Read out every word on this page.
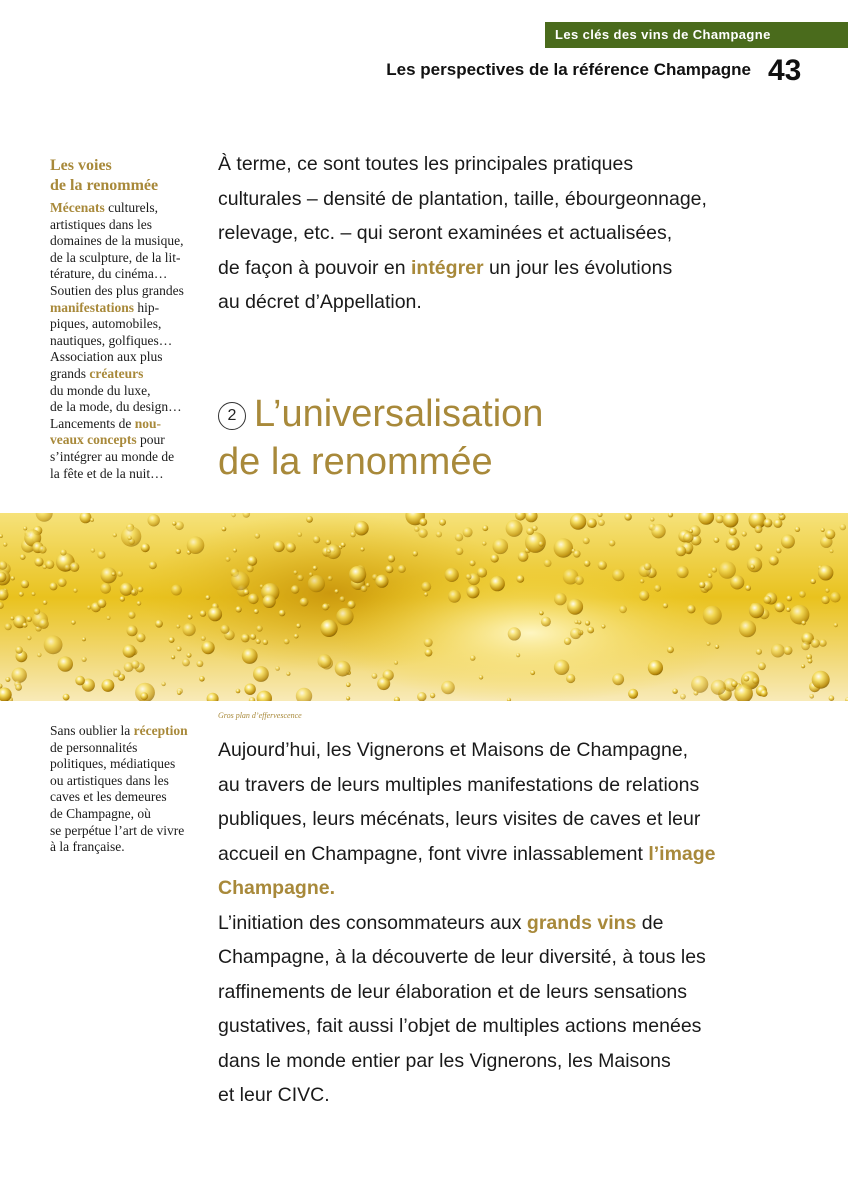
Les clés des vins de Champagne
Les perspectives de la référence Champagne 43
Les voies
de la renommée
Mécenats culturels,
artistiques dans les
domaines de la musique,
de la sculpture, de la lit-
térature, du cinéma…
Soutien des plus grandes
manifestations hip-
piques, automobiles,
nautiques, golfiques…
Association aux plus
grands créateurs
du monde du luxe,
de la mode, du design…
Lancements de nou-
veaux concepts pour
s’intégrer au monde de
la fête et de la nuit…
À terme, ce sont toutes les principales pratiques
culturales – densité de plantation, taille, ébourgeonnage,
relevage, etc. – qui seront examinées et actualisées,
de façon à pouvoir en intégrer un jour les évolutions
au décret d’Appellation.
2 L’universalisation
de la renommée
Gros plan d’effervescence
Sans oublier la réception
de personnalités
politiques, médiatiques
ou artistiques dans les
caves et les demeures
de Champagne, où
se perpétue l’art de vivre
à la française.
Aujourd’hui, les Vignerons et Maisons de Champagne,
au travers de leurs multiples manifestations de relations
publiques, leurs mécénats, leurs visites de caves et leur
accueil en Champagne, font vivre inlassablement l’image
Champagne.
L’initiation des consommateurs aux grands vins de
Champagne, à la découverte de leur diversité, à tous les
raffinements de leur élaboration et de leurs sensations
gustatives, fait aussi l’objet de multiples actions menées
dans le monde entier par les Vignerons, les Maisons
et leur CIVC.
